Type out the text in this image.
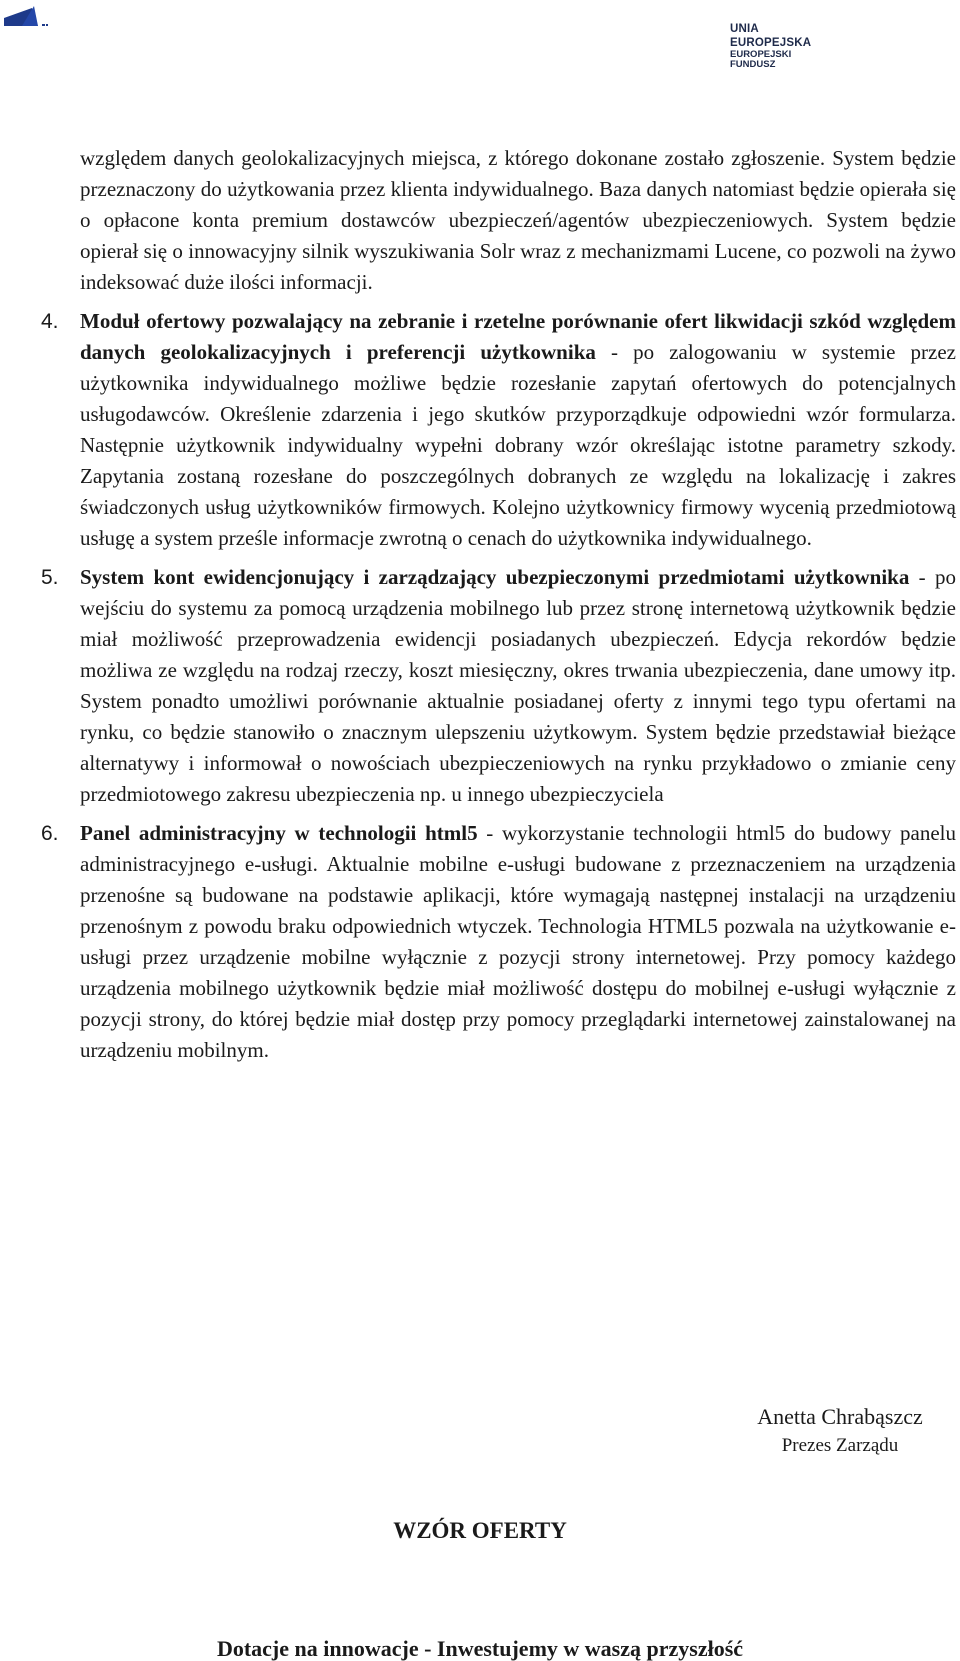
UNIA EUROPEJSKA
EUROPEJSKI FUNDUSZ

względem danych geolokalizacyjnych miejsca, z którego dokonane zostało zgłoszenie. System będzie przeznaczony do użytkowania przez klienta indywidualnego. Baza danych natomiast będzie opierała się o opłacone konta premium dostawców ubezpieczeń/agentów ubezpieczeniowych. System będzie opierał się o innowacyjny silnik wyszukiwania Solr wraz z mechanizmami Lucene, co pozwoli na żywo indeksować duże ilości informacji.

4. Moduł ofertowy pozwalający na zebranie i rzetelne porównanie ofert likwidacji szkód względem danych geolokalizacyjnych i preferencji użytkownika - po zalogowaniu w systemie przez użytkownika indywidualnego możliwe będzie rozesłanie zapytań ofertowych do potencjalnych usługodawców. Określenie zdarzenia i jego skutków przyporządkuje odpowiedni wzór formularza. Następnie użytkownik indywidualny wypełni dobrany wzór określając istotne parametry szkody. Zapytania zostaną rozesłane do poszczególnych dobranych ze względu na lokalizację i zakres świadczonych usług użytkowników firmowych. Kolejno użytkownicy firmowy wycenią przedmiotową usługę a system prześle informacje zwrotną o cenach do użytkownika indywidualnego.
5. System kont ewidencjonujący i zarządzający ubezpieczonymi przedmiotami użytkownika - po wejściu do systemu za pomocą urządzenia mobilnego lub przez stronę internetową użytkownik będzie miał możliwość przeprowadzenia ewidencji posiadanych ubezpieczeń. Edycja rekordów będzie możliwa ze względu na rodzaj rzeczy, koszt miesięczny, okres trwania ubezpieczenia, dane umowy itp. System ponadto umożliwi porównanie aktualnie posiadanej oferty z innymi tego typu ofertami na rynku, co będzie stanowiło o znacznym ulepszeniu użytkowym. System będzie przedstawiał bieżące alternatywy i informował o nowościach ubezpieczeniowych na rynku przykładowo o zmianie ceny przedmiotowego zakresu ubezpieczenia np. u innego ubezpieczyciela
6. Panel administracyjny w technologii html5 - wykorzystanie technologii html5 do budowy panelu administracyjnego e-usługi. Aktualnie mobilne e-usługi budowane z przeznaczeniem na urządzenia przenośne są budowane na podstawie aplikacji, które wymagają następnej instalacji na urządzeniu przenośnym z powodu braku odpowiednich wtyczek. Technologia HTML5 pozwala na użytkowanie e-usługi przez urządzenie mobilne wyłącznie z pozycji strony internetowej. Przy pomocy każdego urządzenia mobilnego użytkownik będzie miał możliwość dostępu do mobilnej e-usługi wyłącznie z pozycji strony, do której będzie miał dostęp przy pomocy przeglądarki internetowej zainstalowanej na urządzeniu mobilnym.
Anetta Chrabąszcz
Prezes Zarządu
WZÓR OFERTY
Dotacje na innowacje - Inwestujemy w waszą przyszłość
